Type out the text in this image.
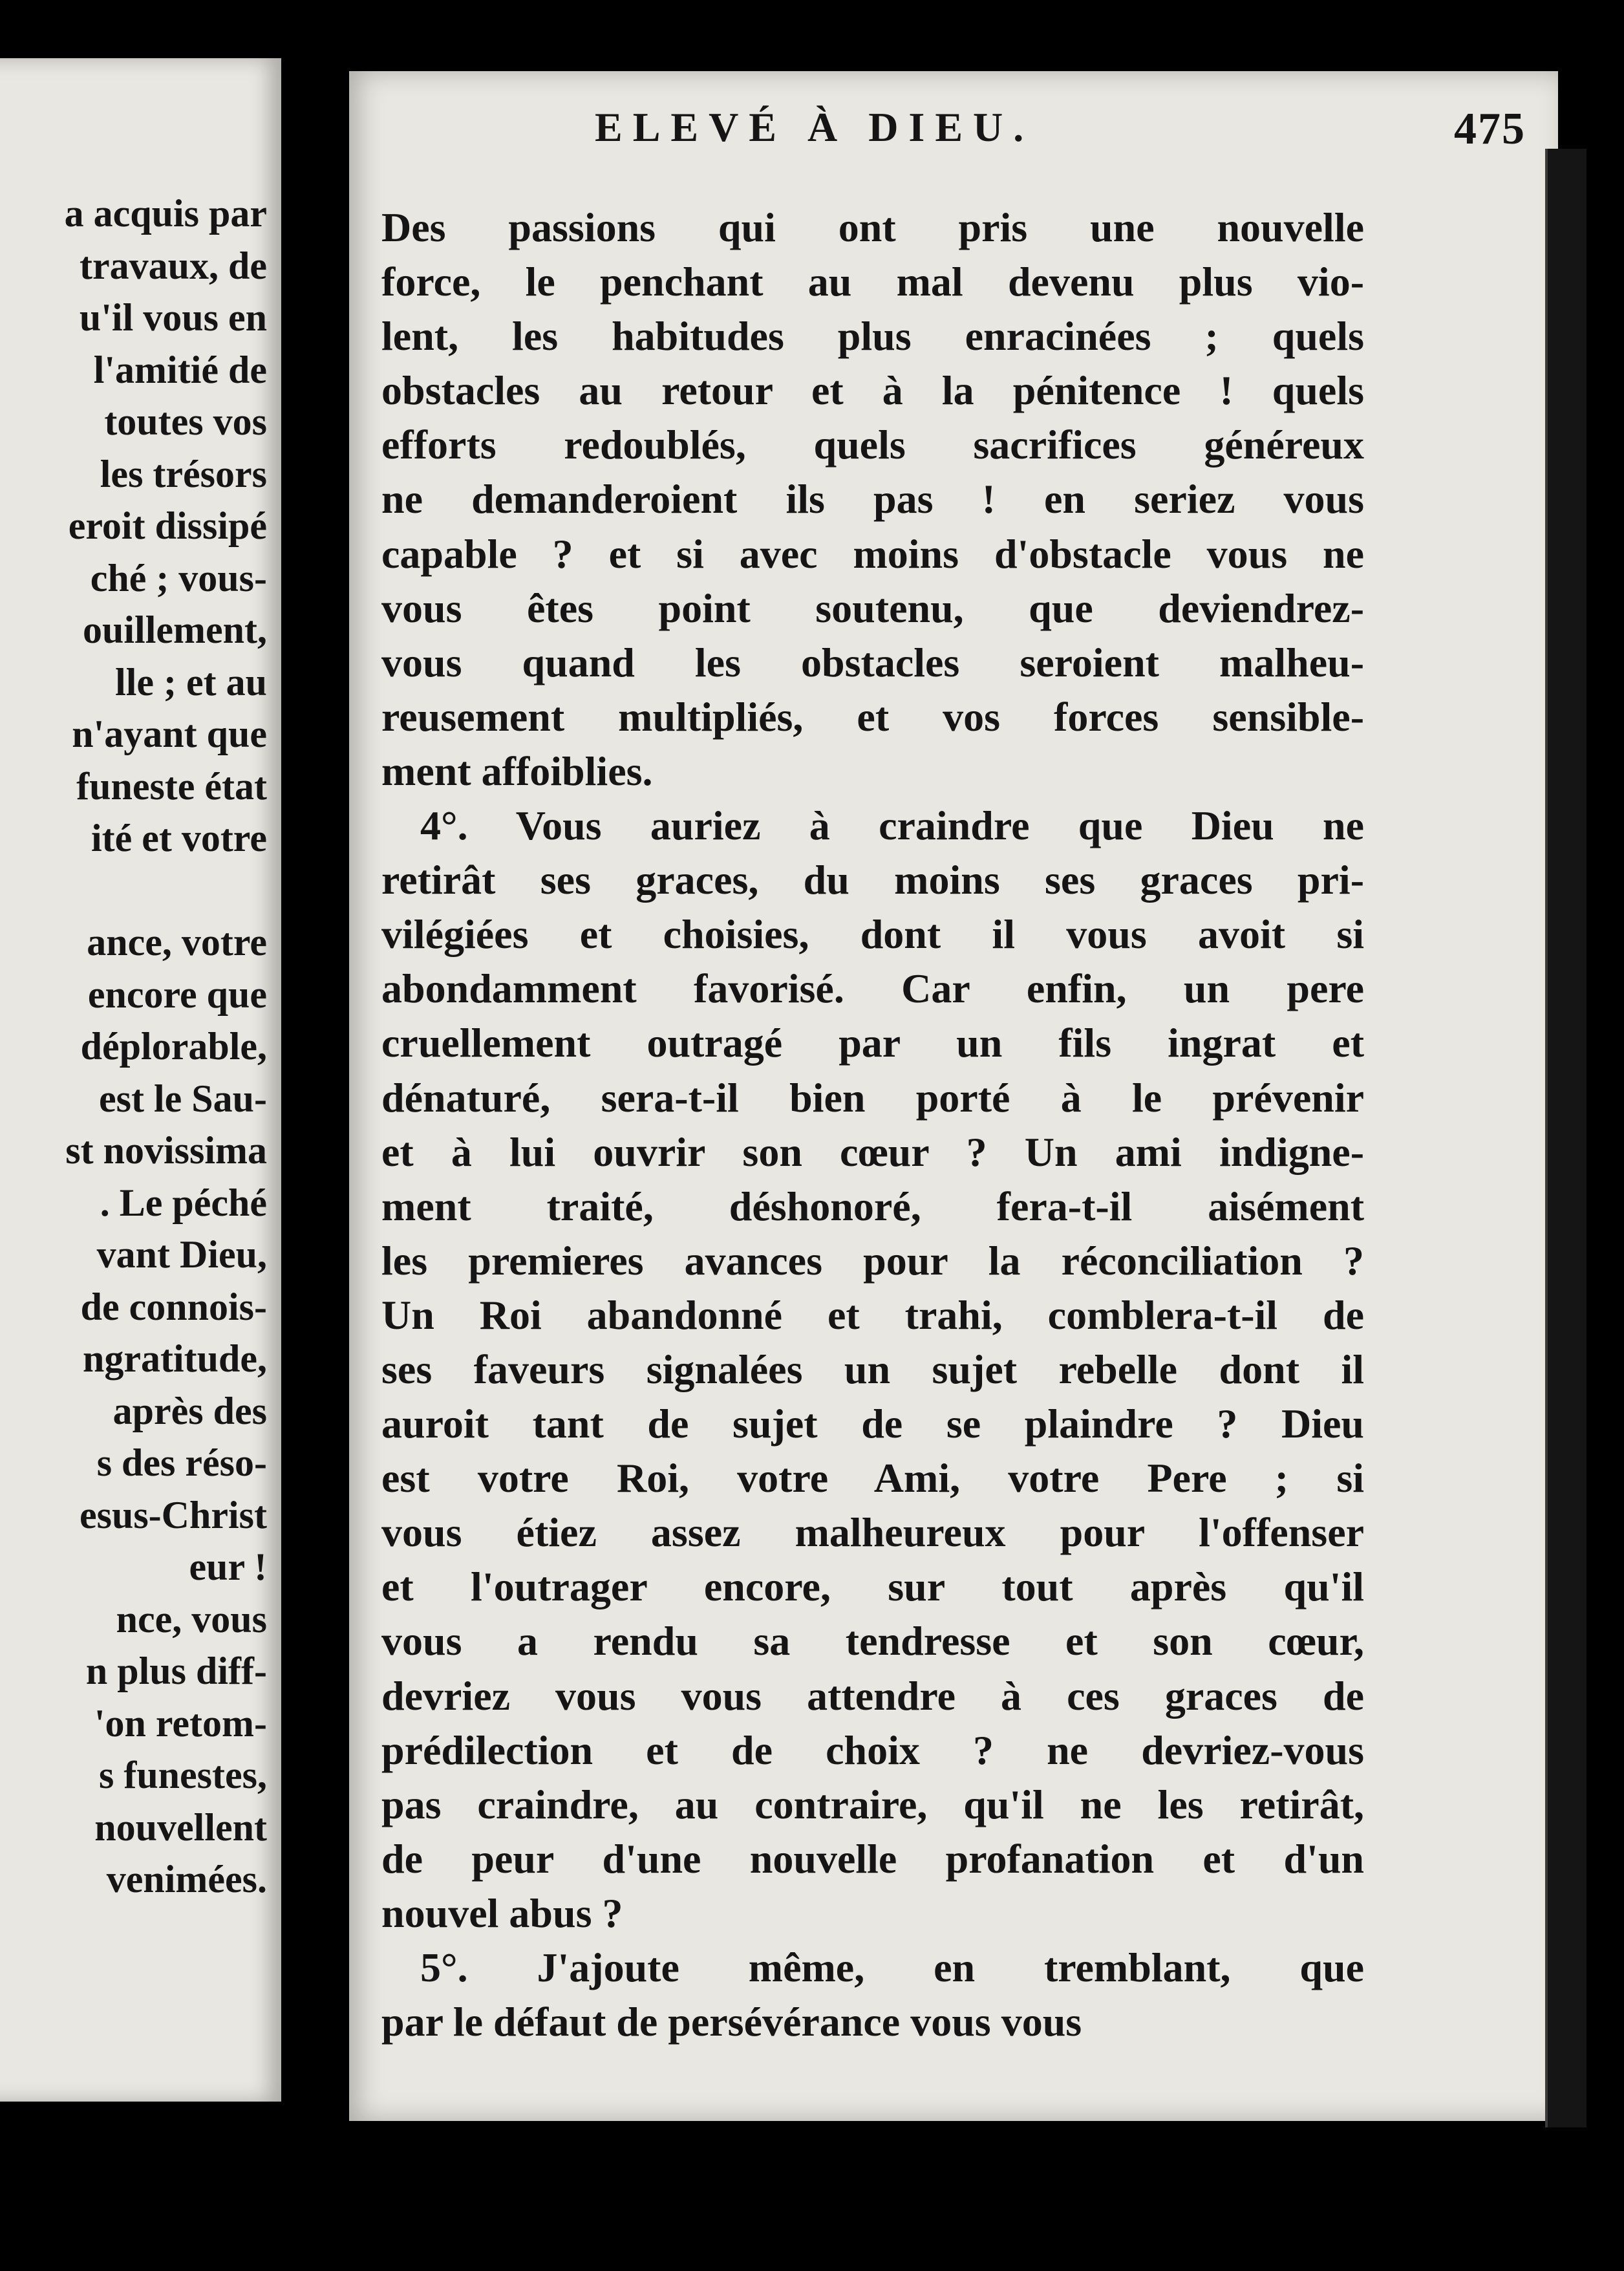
a acquis par
travaux, de
u'il vous en
l'amitié de
toutes vos
les trésors
eroit dissipé
ché ; vous-
ouillement,
lle ; et au
n'ayant que
funeste état
ité et votre

ance, votre
encore que
déplorable,
est le Sau-
st novissima
. Le péché
vant Dieu,
de connois-
ngratitude,
après des
s des réso-
esus-Christ
eur !
nce, vous
n plus diff-
'on retom-
s funestes,
nouvellent
venimées.
ELEVÉ À DIEU.	475
Des passions qui ont pris une nouvelle
force, le penchant au mal devenu plus vio-
lent, les habitudes plus enracinées ; quels
obstacles au retour et à la pénitence ! quels
efforts redoublés, quels sacrifices généreux
ne demanderoient ils pas ! en seriez vous
capable ? et si avec moins d'obstacle vous ne
vous êtes point soutenu, que deviendrez-
vous quand les obstacles seroient malheu-
reusement multipliés, et vos forces sensible-
ment affoiblies.
4°. Vous auriez à craindre que Dieu ne
retirât ses graces, du moins ses graces pri-
vilégiées et choisies, dont il vous avoit si
abondamment favorisé. Car enfin, un pere
cruellement outragé par un fils ingrat et
dénaturé, sera-t-il bien porté à le prévenir
et à lui ouvrir son cœur ? Un ami indigne-
ment traité, déshonoré, fera-t-il aisément
les premieres avances pour la réconciliation ?
Un Roi abandonné et trahi, comblera-t-il de
ses faveurs signalées un sujet rebelle dont il
auroit tant de sujet de se plaindre ? Dieu
est votre Roi, votre Ami, votre Pere ; si
vous étiez assez malheureux pour l'offenser
et l'outrager encore, sur tout après qu'il
vous a rendu sa tendresse et son cœur,
devriez vous vous attendre à ces graces de
prédilection et de choix ? ne devriez-vous
pas craindre, au contraire, qu'il ne les retirât,
de peur d'une nouvelle profanation et d'un
nouvel abus ?
5°. J'ajoute même, en tremblant, que
par le défaut de persévérance vous vous
